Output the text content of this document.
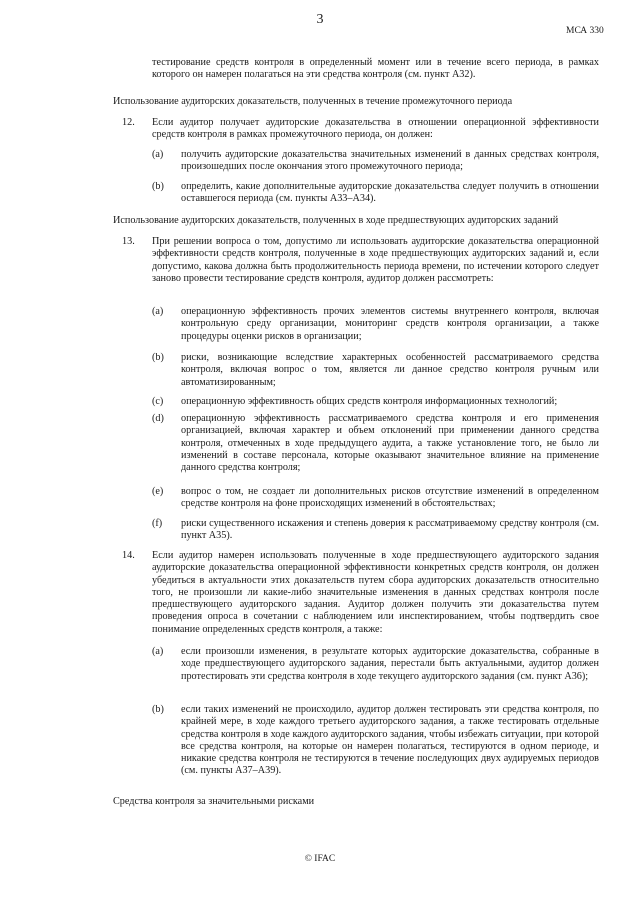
3
МСА 330
тестирование средств контроля в определенный момент или в течение всего периода, в рамках которого он намерен полагаться на эти средства контроля (см. пункт А32).
Использование аудиторских доказательств, полученных в течение промежуточного периода
12. Если аудитор получает аудиторские доказательства в отношении операционной эффективности средств контроля в рамках промежуточного периода, он должен:
(a) получить аудиторские доказательства значительных изменений в данных средствах контроля, произошедших после окончания этого промежуточного периода;
(b) определить, какие дополнительные аудиторские доказательства следует получить в отношении оставшегося периода (см. пункты А33–А34).
Использование аудиторских доказательств, полученных в ходе предшествующих аудиторских заданий
13. При решении вопроса о том, допустимо ли использовать аудиторские доказательства операционной эффективности средств контроля, полученные в ходе предшествующих аудиторских заданий и, если допустимо, какова должна быть продолжительность периода времени, по истечении которого следует заново провести тестирование средств контроля, аудитор должен рассмотреть:
(a) операционную эффективность прочих элементов системы внутреннего контроля, включая контрольную среду организации, мониторинг средств контроля организации, а также процедуры оценки рисков в организации;
(b) риски, возникающие вследствие характерных особенностей рассматриваемого средства контроля, включая вопрос о том, является ли данное средство контроля ручным или автоматизированным;
(c) операционную эффективность общих средств контроля информационных технологий;
(d) операционную эффективность рассматриваемого средства контроля и его применения организацией, включая характер и объем отклонений при применении данного средства контроля, отмеченных в ходе предыдущего аудита, а также установление того, не было ли изменений в составе персонала, которые оказывают значительное влияние на применение данного средства контроля;
(e) вопрос о том, не создает ли дополнительных рисков отсутствие изменений в определенном средстве контроля на фоне происходящих изменений в обстоятельствах;
(f) риски существенного искажения и степень доверия к рассматриваемому средству контроля (см. пункт А35).
14. Если аудитор намерен использовать полученные в ходе предшествующего аудиторского задания аудиторские доказательства операционной эффективности конкретных средств контроля, он должен убедиться в актуальности этих доказательств путем сбора аудиторских доказательств относительно того, не произошли ли какие-либо значительные изменения в данных средствах контроля после предшествующего аудиторского задания. Аудитор должен получить эти доказательства путем проведения опроса в сочетании с наблюдением или инспектированием, чтобы подтвердить свое понимание определенных средств контроля, а также:
(a) если произошли изменения, в результате которых аудиторские доказательства, собранные в ходе предшествующего аудиторского задания, перестали быть актуальными, аудитор должен протестировать эти средства контроля в ходе текущего аудиторского задания (см. пункт А36);
(b) если таких изменений не происходило, аудитор должен тестировать эти средства контроля, по крайней мере, в ходе каждого третьего аудиторского задания, а также тестировать отдельные средства контроля в ходе каждого аудиторского задания, чтобы избежать ситуации, при которой все средства контроля, на которые он намерен полагаться, тестируются в одном периоде, и никакие средства контроля не тестируются в течение последующих двух аудируемых периодов (см. пункты А37–А39).
Средства контроля за значительными рисками
© IFAC
